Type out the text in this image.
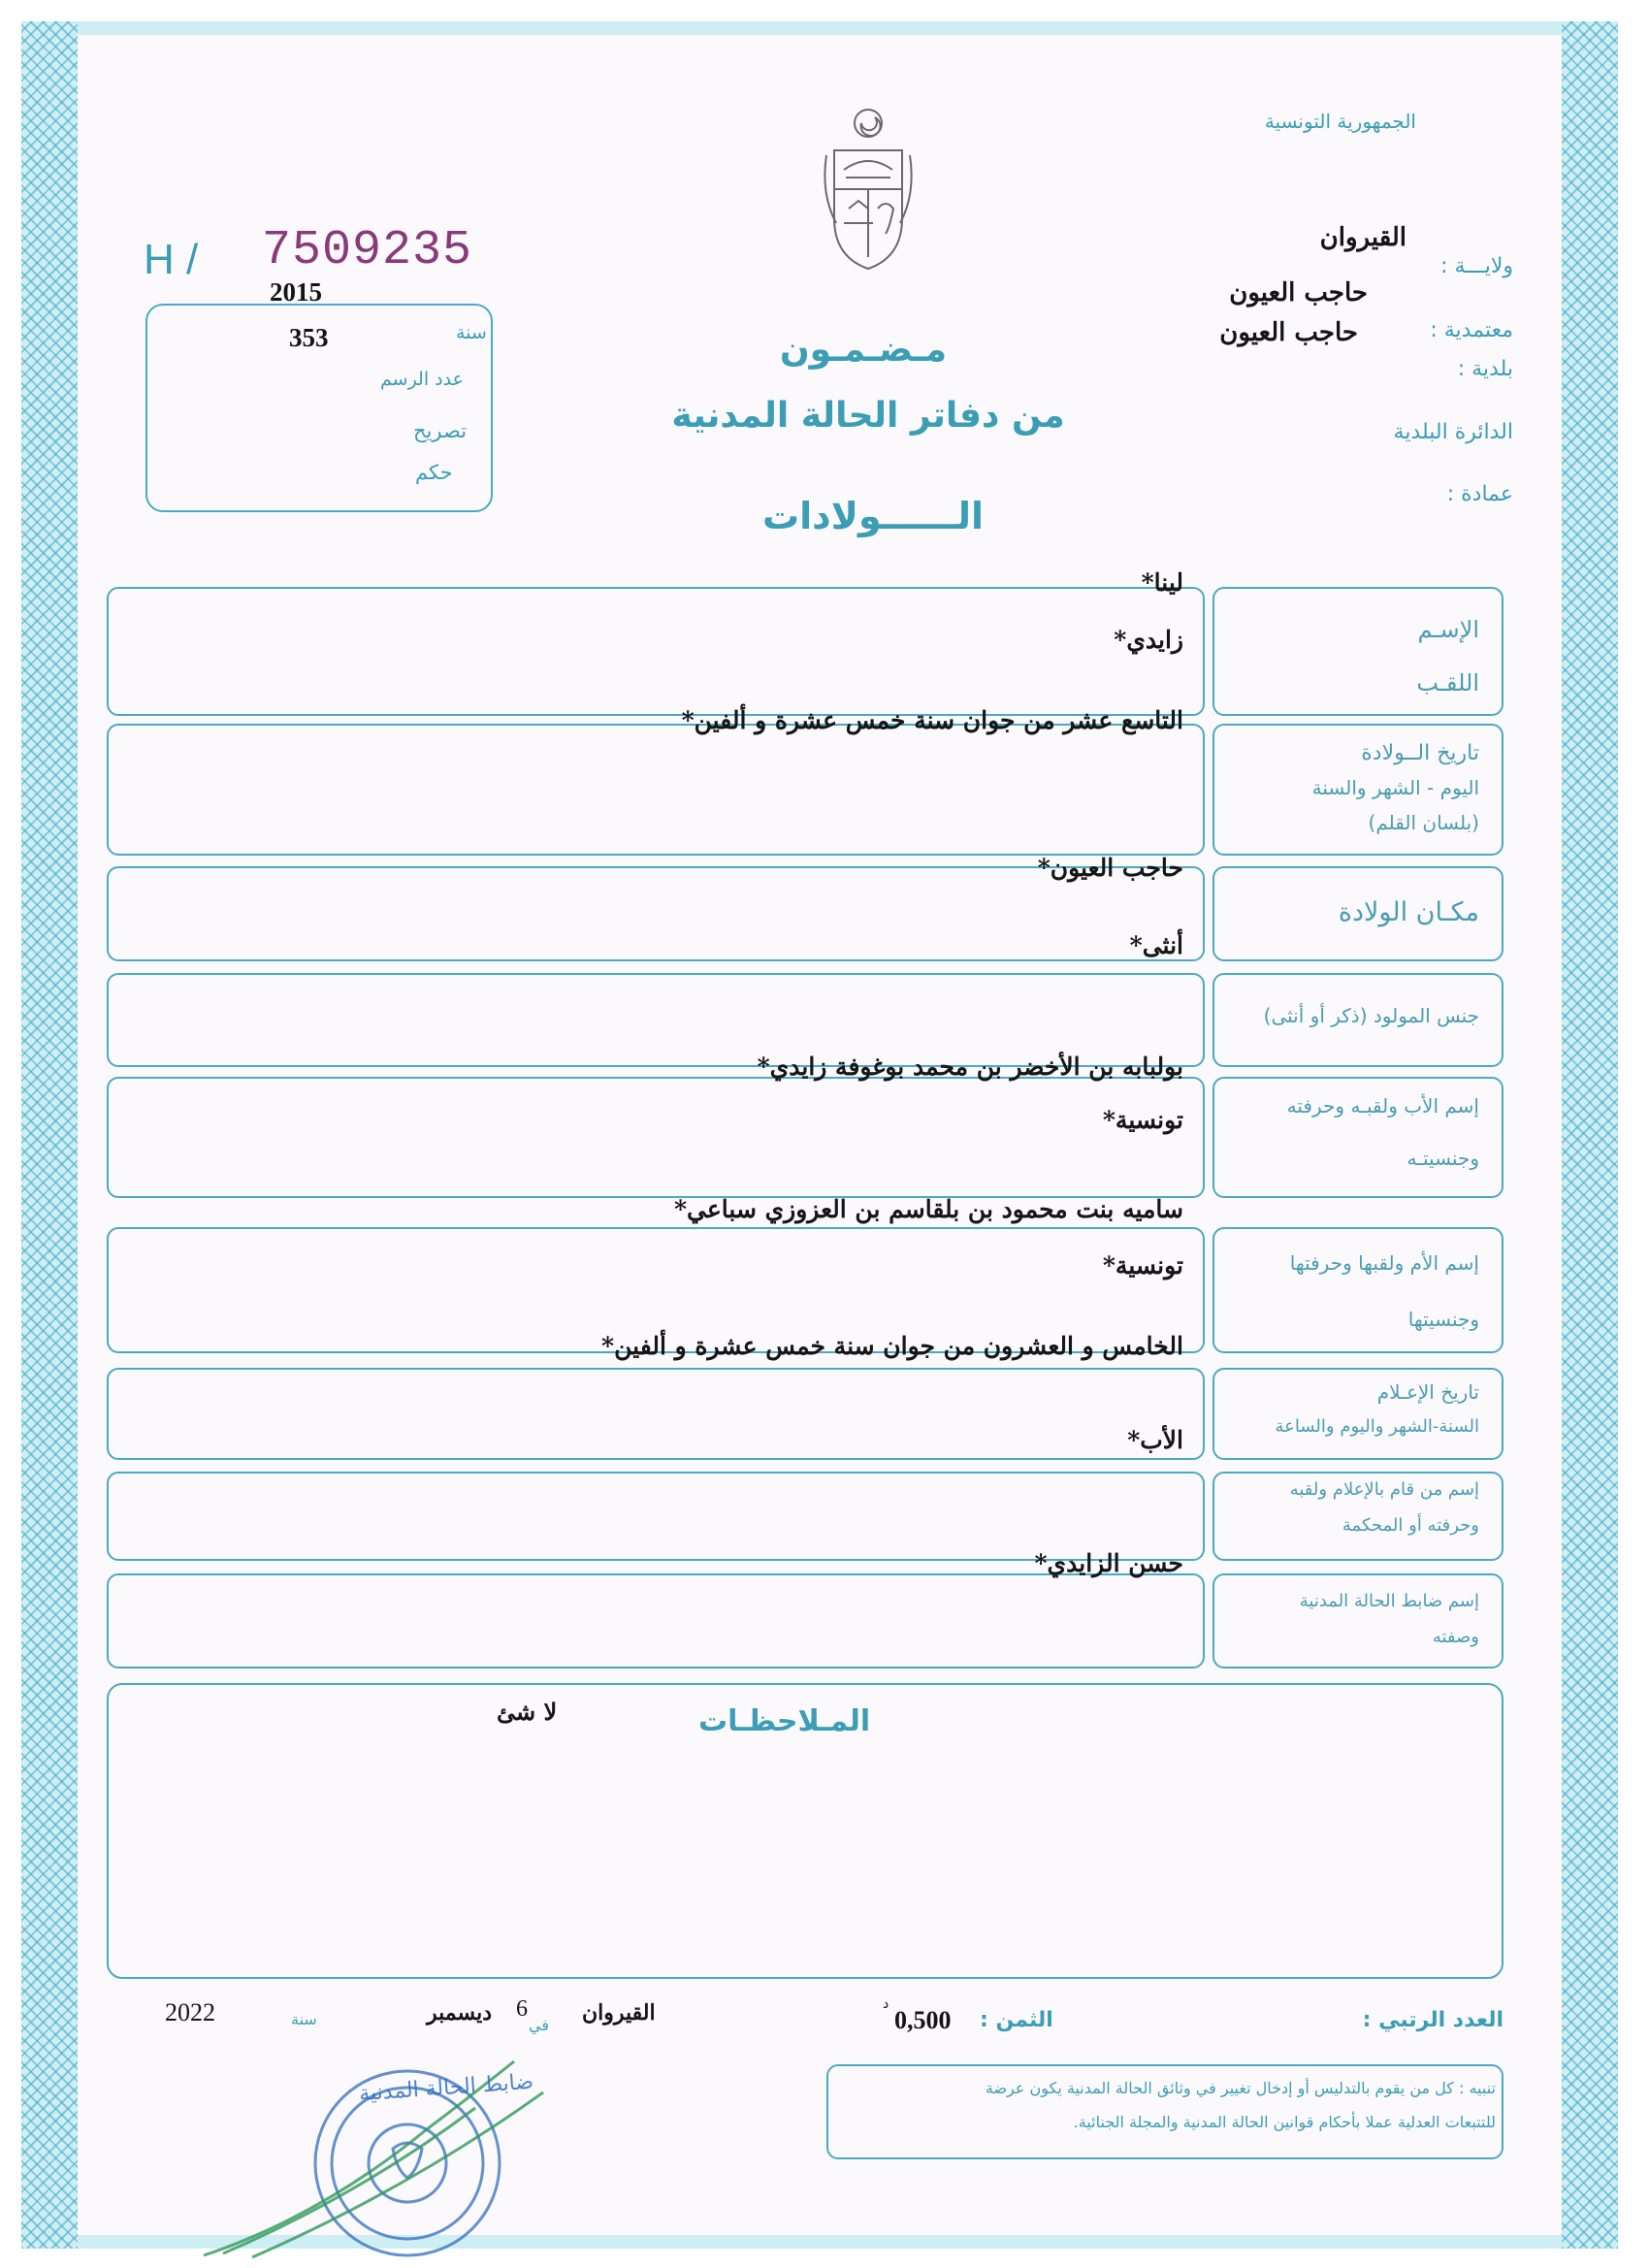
الجمهورية التونسية
H / 7509235
2015
سنة
353
عدد الرسم
تصريح
حكم
القيروان
ولايـــة :
حاجب العيون
معتمدية :
حاجب العيون
بلدية :
الدائرة البلدية
عمادة :
مـضـمـون
من دفاتر الحالة المدنية
الــــــولادات
الإسـم
اللقـب
لينا*
زايدي*
تاريخ الــولادة
اليوم - الشهر والسنة
(بلسان القلم)
التاسع عشر من جوان سنة خمس عشرة و ألفين*
مكـان الولادة
حاجب العيون*
جنس المولود (ذكر أو أنثى)
أنثى*
إسم الأب ولقبـه وحرفته
وجنسيتـه
بولبابه بن الأخضر بن محمد بوغوفة زايدي*
تونسية*
إسم الأم ولقبها وحرفتها
وجنسيتها
ساميه بنت محمود بن بلقاسم بن العزوزي سباعي*
تونسية*
تاريخ الإعـلام
السنة-الشهر واليوم والساعة
الخامس و العشرون من جوان سنة خمس عشرة و ألفين*
إسم من قام بالإعلام ولقبه
وحرفته أو المحكمة
الأب*
إسم ضابط الحالة المدنية
وصفته
حسن الزايدي*
المـلاحظـات
لا شئ
العدد الرتبي :
الثمن :
0,500
د
القيروان
في
6
ديسمبر
سنة
2022
تنبيه : كل من يقوم بالتدليس أو إدخال تغيير في وثائق الحالة المدنية يكون عرضة
للتتبعات العدلية عملا بأحكام قوانين الحالة المدنية والمجلة الجنائية.
ضابط الحالة المدنية
